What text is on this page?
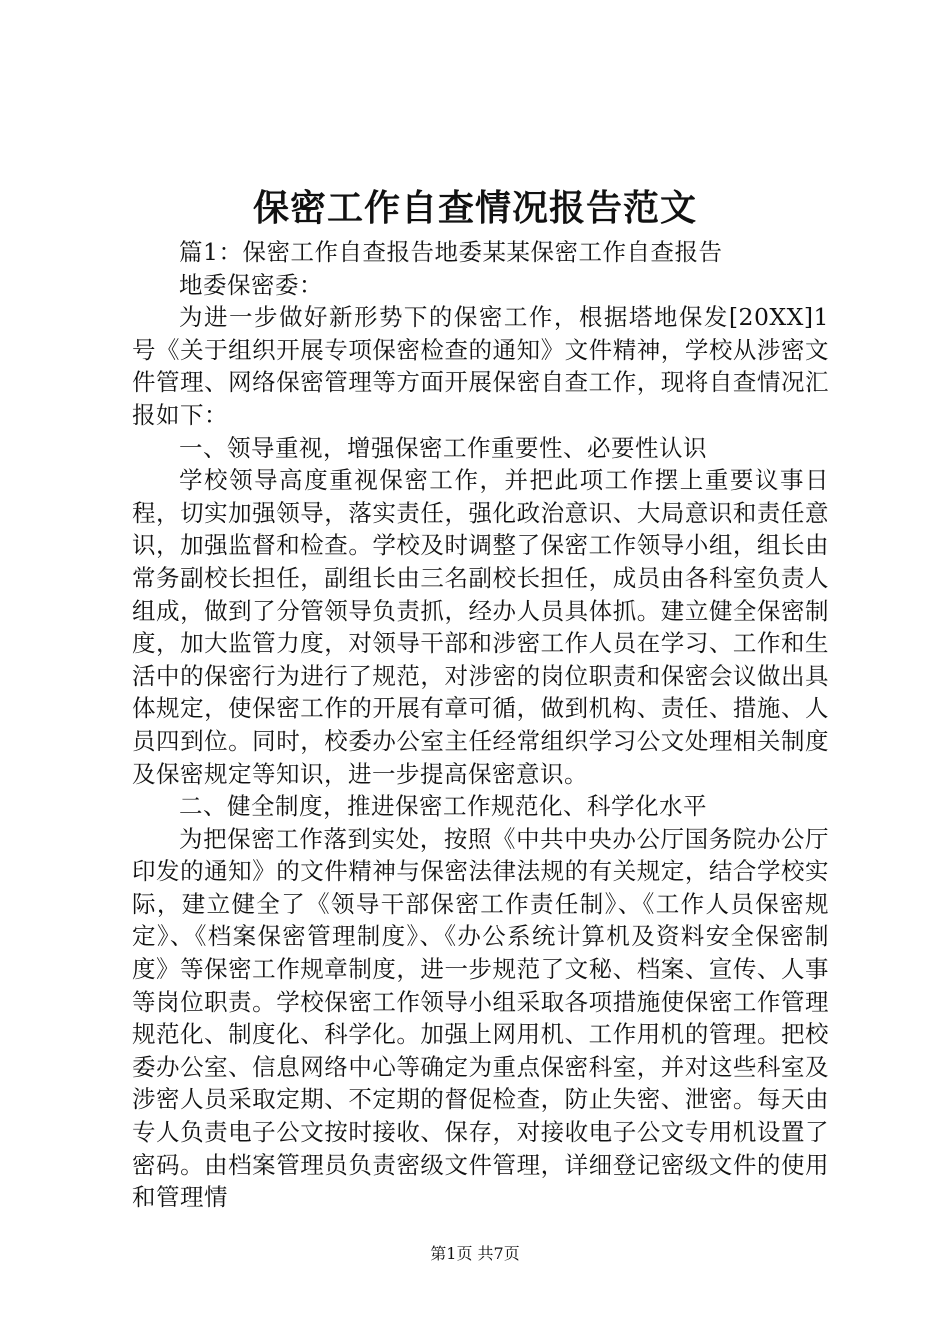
保密工作自查情况报告范文

篇1：保密工作自查报告地委某某保密工作自查报告

地委保密委：

为进一步做好新形势下的保密工作，根据塔地保发[20XX]1号《关于组织开展专项保密检查的通知》文件精神，学校从涉密文件管理、网络保密管理等方面开展保密自查工作，现将自查情况汇报如下：

一、领导重视，增强保密工作重要性、必要性认识

学校领导高度重视保密工作，并把此项工作摆上重要议事日程，切实加强领导，落实责任，强化政治意识、大局意识和责任意识，加强监督和检查。学校及时调整了保密工作领导小组，组长由常务副校长担任，副组长由三名副校长担任，成员由各科室负责人组成，做到了分管领导负责抓，经办人员具体抓。建立健全保密制度，加大监管力度，对领导干部和涉密工作人员在学习、工作和生活中的保密行为进行了规范，对涉密的岗位职责和保密会议做出具体规定，使保密工作的开展有章可循，做到机构、责任、措施、人员四到位。同时，校委办公室主任经常组织学习公文处理相关制度及保密规定等知识，进一步提高保密意识。

二、健全制度，推进保密工作规范化、科学化水平

为把保密工作落到实处，按照《中共中央办公厅国务院办公厅印发的通知》的文件精神与保密法律法规的有关规定，结合学校实际，建立健全了《领导干部保密工作责任制》、《工作人员保密规定》、《档案保密管理制度》、《办公系统计算机及资料安全保密制度》等保密工作规章制度，进一步规范了文秘、档案、宣传、人事等岗位职责。学校保密工作领导小组采取各项措施使保密工作管理规范化、制度化、科学化。加强上网用机、工作用机的管理。把校委办公室、信息网络中心等确定为重点保密科室，并对这些科室及涉密人员采取定期、不定期的督促检查，防止失密、泄密。每天由专人负责电子公文按时接收、保存，对接收电子公文专用机设置了密码。由档案管理员负责密级文件管理，详细登记密级文件的使用和管理情

第1页 共7页
